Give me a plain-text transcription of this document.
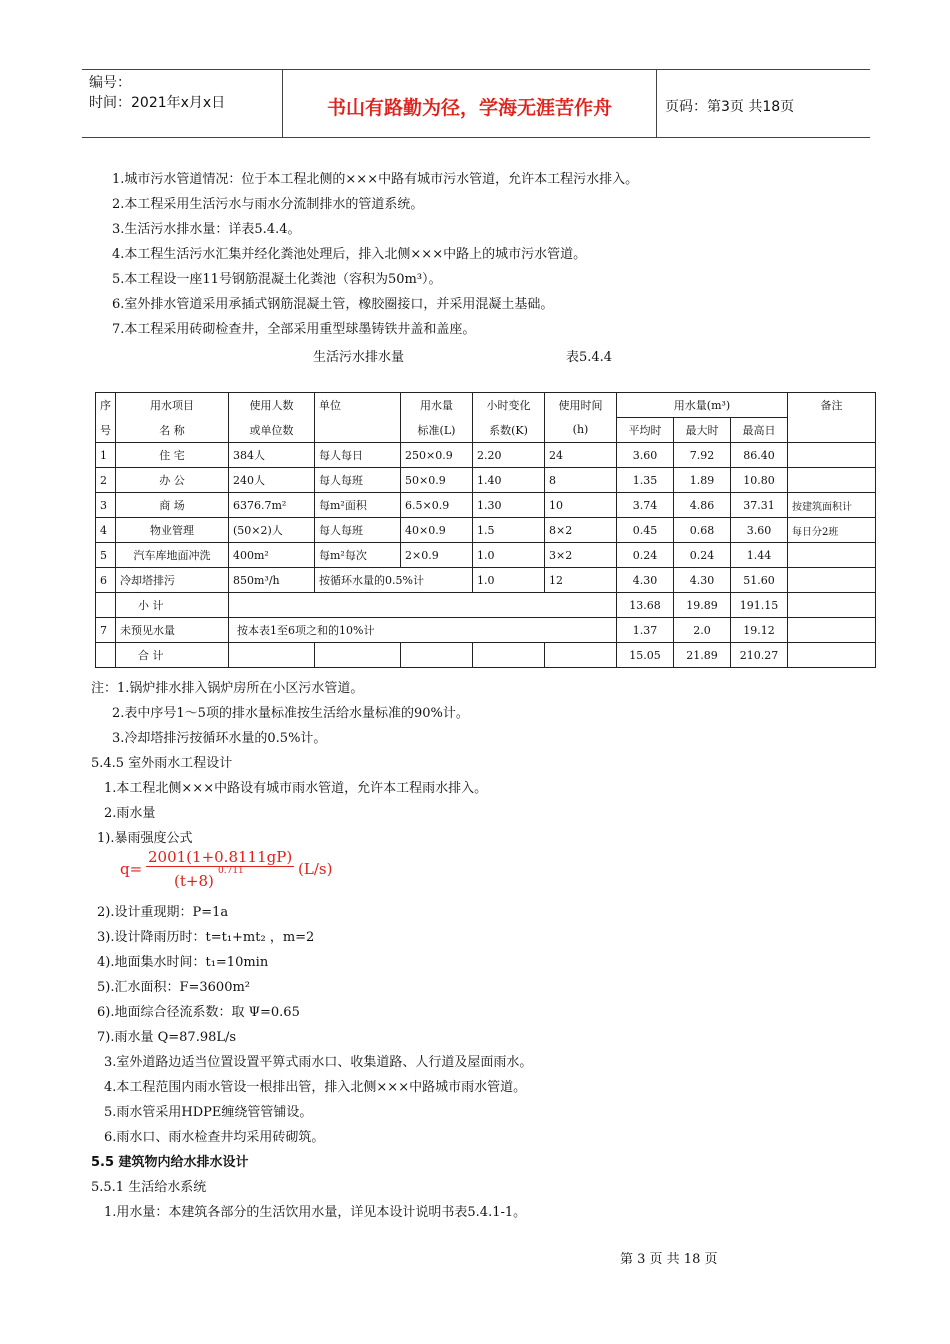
编号：
时间：2021年x月x日	书山有路勤为径，学海无涯苦作舟	页码：第3页 共18页
1.城市污水管道情况：位于本工程北侧的×××中路有城市污水管道，允许本工程污水排入。
2.本工程采用生活污水与雨水分流制排水的管道系统。
3.生活污水排水量：详表5.4.4。
4.本工程生活污水汇集并经化粪池处理后，排入北侧×××中路上的城市污水管道。
5.本工程设一座11号钢筋混凝土化粪池（容积为50m³）。
6.室外排水管道采用承插式钢筋混凝土管，橡胶圈接口，并采用混凝土基础。
7.本工程采用砖砌检查井，全部采用重型球墨铸铁井盖和盖座。
生活污水排水量	表5.4.4
序	用水项目	使用人数	单位	用水量	小时变化	使用时间	用水量(m³)			备注
号	名 称	或单位数		标准(L)	系数(K)	(h)	平均时	最大时	最高日	
1	住 宅	384人	每人每日	250×0.9	2.20	24	3.60	7.92	86.40	
2	办 公	240人	每人每班	50×0.9	1.40	8	1.35	1.89	10.80	
3	商 场	6376.7m²	每m²面积	6.5×0.9	1.30	10	3.74	4.86	37.31	按建筑面积计
4	物业管理	(50×2)人	每人每班	40×0.9	1.5	8×2	0.45	0.68	3.60	每日分2班
5	汽车库地面冲洗	400m²	每m²每次	2×0.9	1.0	3×2	0.24	0.24	1.44	
6	冷却塔排污	850m³/h	按循环水量的0.5%计		1.0	12	4.30	4.30	51.60	
	小 计						13.68	19.89	191.15	
7	未预见水量	按本表1至6项之和的10%计					1.37	2.0	19.12	
	合 计						15.05	21.89	210.27	
注：1.锅炉排水排入锅炉房所在小区污水管道。
2.表中序号1～5项的排水量标准按生活给水量标准的90%计。
3.冷却塔排污按循环水量的0.5%计。
5.4.5 室外雨水工程设计
1.本工程北侧×××中路设有城市雨水管道，允许本工程雨水排入。
2.雨水量
1).暴雨强度公式
q=
2001(1+0.8111gP)
(t+8)
0.711	(L/s)
2).设计重现期：P=1a
3).设计降雨历时：t=t₁+mt₂ ，m=2
4).地面集水时间：t₁=10min
5).汇水面积：F=3600m²
6).地面综合径流系数：取 Ψ=0.65
7).雨水量 Q=87.98L/s
3.室外道路边适当位置设置平箅式雨水口、收集道路、人行道及屋面雨水。
4.本工程范围内雨水管设一根排出管，排入北侧×××中路城市雨水管道。
5.雨水管采用HDPE缠绕管管铺设。
6.雨水口、雨水检查井均采用砖砌筑。
5.5 建筑物内给水排水设计
5.5.1 生活给水系统
1.用水量：本建筑各部分的生活饮用水量，详见本设计说明书表5.4.1-1。
第 3 页 共 18 页
